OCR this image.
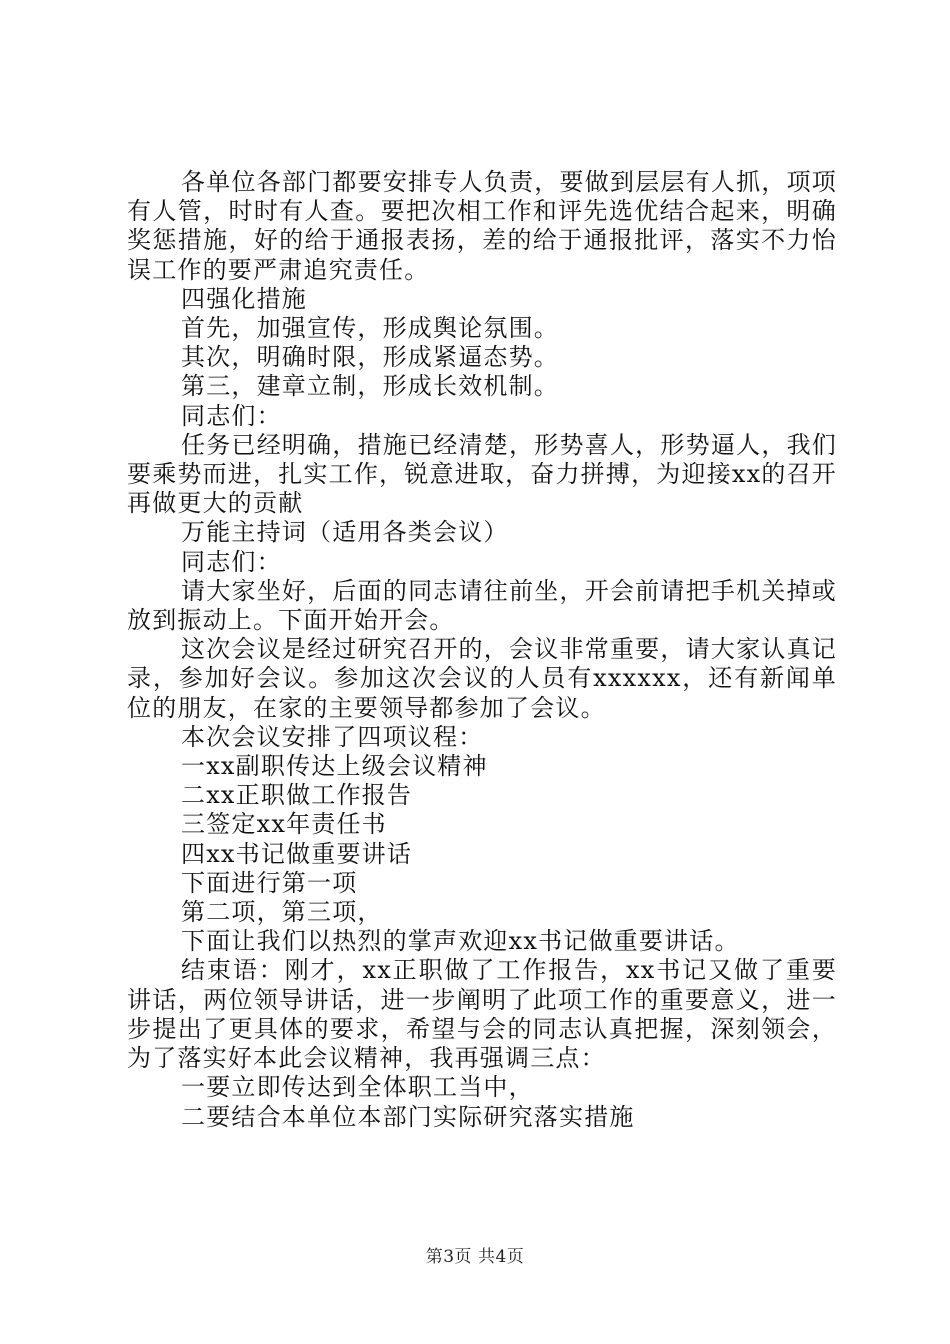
各单位各部门都要安排专人负责，要做到层层有人抓，项项有人管，时时有人查。要把次相工作和评先选优结合起来，明确奖惩措施，好的给于通报表扬，差的给于通报批评，落实不力怡误工作的要严肃追究责任。

四强化措施

首先，加强宣传，形成舆论氛围。

其次，明确时限，形成紧逼态势。

第三，建章立制，形成长效机制。

同志们：

任务已经明确，措施已经清楚，形势喜人，形势逼人，我们要乘势而进，扎实工作，锐意进取，奋力拼搏，为迎接xx的召开再做更大的贡献

万能主持词（适用各类会议）

同志们：

请大家坐好，后面的同志请往前坐，开会前请把手机关掉或放到振动上。下面开始开会。

这次会议是经过研究召开的，会议非常重要，请大家认真记录，参加好会议。参加这次会议的人员有xxxxxx，还有新闻单位的朋友，在家的主要领导都参加了会议。

本次会议安排了四项议程：

一xx副职传达上级会议精神

二xx正职做工作报告

三签定xx年责任书

四xx书记做重要讲话

下面进行第一项

第二项，第三项，

下面让我们以热烈的掌声欢迎xx书记做重要讲话。

结束语：刚才，xx正职做了工作报告，xx书记又做了重要讲话，两位领导讲话，进一步阐明了此项工作的重要意义，进一步提出了更具体的要求，希望与会的同志认真把握，深刻领会，为了落实好本此会议精神，我再强调三点：

一要立即传达到全体职工当中，

二要结合本单位本部门实际研究落实措施

第3页 共4页
